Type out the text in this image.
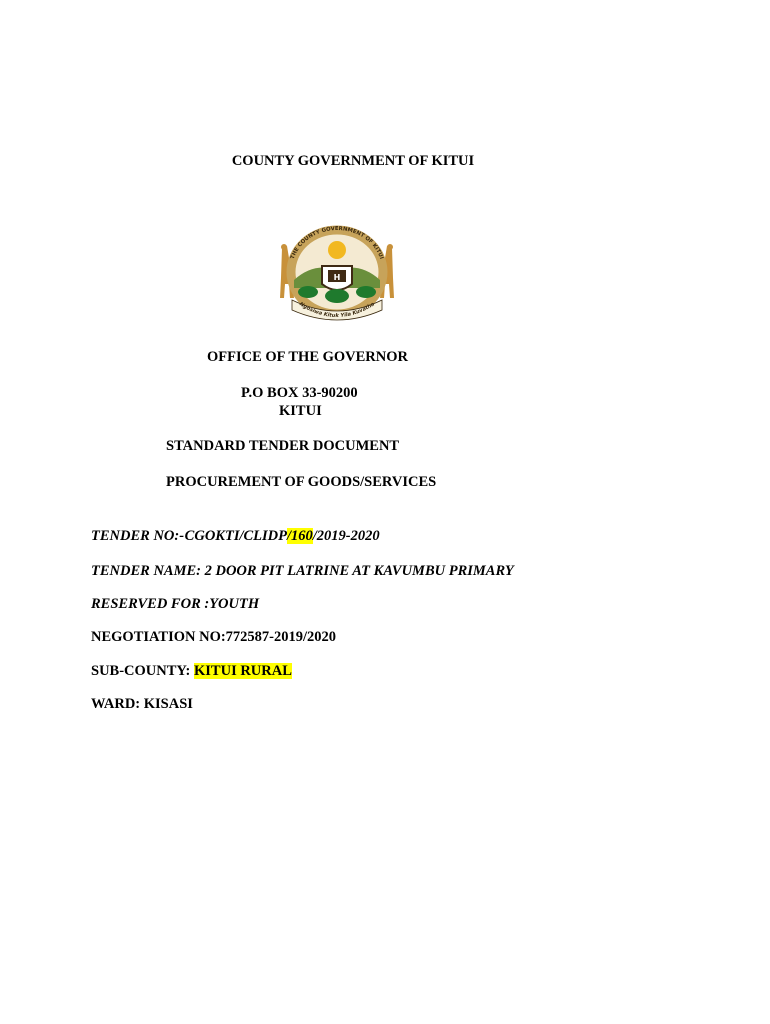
COUNTY GOVERNMENT OF KITUI
THE COUNTY GOVERNMENT OF KITUI
H
Ngosiwa Kituk Yila Kuvatha
OFFICE OF THE GOVERNOR
P.O BOX 33-90200
KITUI
STANDARD TENDER DOCUMENT
PROCUREMENT OF GOODS/SERVICES
TENDER NO:- CGOKTI/CLIDP/160/2019-2020
TENDER NAME: 2 DOOR PIT LATRINE AT KAVUMBU PRIMARY
RESERVED FOR :YOUTH
NEGOTIATION NO:772587-2019/2020
SUB-COUNTY: KITUI RURAL
WARD: KISASI
